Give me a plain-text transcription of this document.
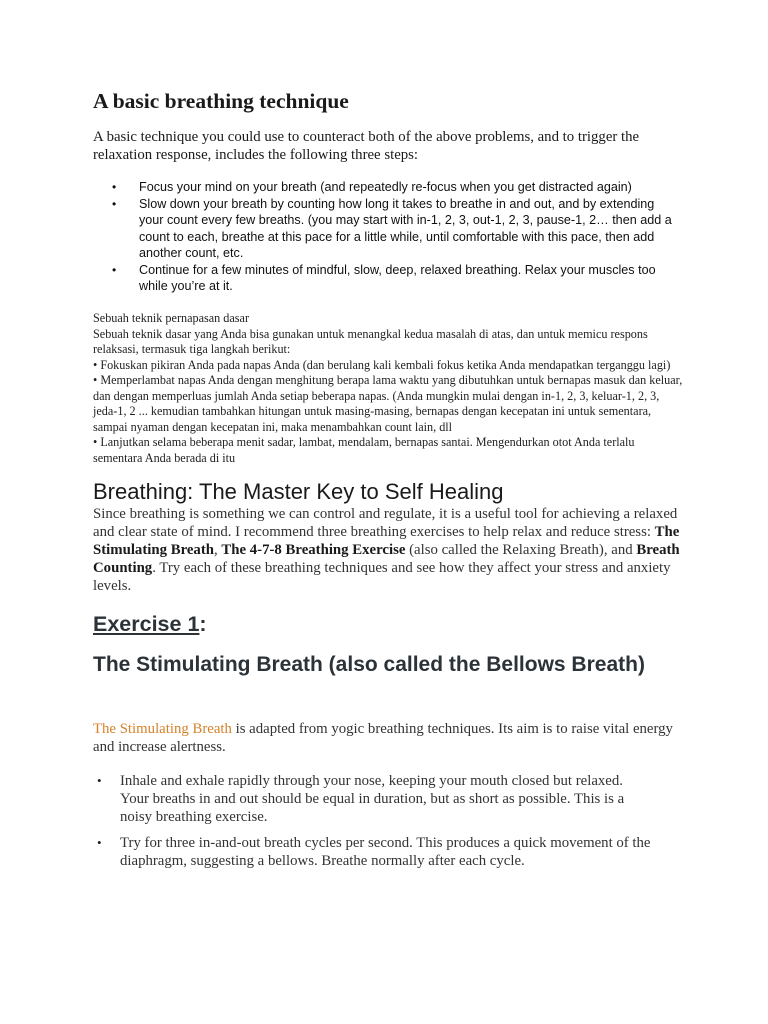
A basic breathing technique
A basic technique you could use to counteract both of the above problems, and to trigger the relaxation response, includes the following three steps:
• Focus your mind on your breath (and repeatedly re-focus when you get distracted again)
• Slow down your breath by counting how long it takes to breathe in and out, and by extending your count every few breaths. (you may start with in-1, 2, 3, out-1, 2, 3, pause-1, 2… then add a count to each, breathe at this pace for a little while, until comfortable with this pace, then add another count, etc.
• Continue for a few minutes of mindful, slow, deep, relaxed breathing. Relax your muscles too while you’re at it.

Sebuah teknik pernapasan dasar

Sebuah teknik dasar yang Anda bisa gunakan untuk menangkal kedua masalah di atas, dan untuk memicu respons relaksasi, termasuk tiga langkah berikut:

• Fokuskan pikiran Anda pada napas Anda (dan berulang kali kembali fokus ketika Anda mendapatkan terganggu lagi)

• Memperlambat napas Anda dengan menghitung berapa lama waktu yang dibutuhkan untuk bernapas masuk dan keluar, dan dengan memperluas jumlah Anda setiap beberapa napas. (Anda mungkin mulai dengan in-1, 2, 3, keluar-1, 2, 3, jeda-1, 2 ... kemudian tambahkan hitungan untuk masing-masing, bernapas dengan kecepatan ini untuk sementara, sampai nyaman dengan kecepatan ini, maka menambahkan count lain, dll

• Lanjutkan selama beberapa menit sadar, lambat, mendalam, bernapas santai. Mengendurkan otot Anda terlalu sementara Anda berada di itu

Breathing: The Master Key to Self Healing
Since breathing is something we can control and regulate, it is a useful tool for achieving a relaxed and clear state of mind. I recommend three breathing exercises to help relax and reduce stress: The Stimulating Breath, The 4-7-8 Breathing Exercise (also called the Relaxing Breath), and Breath Counting. Try each of these breathing techniques and see how they affect your stress and anxiety levels.
Exercise 1:
The Stimulating Breath (also called the Bellows Breath)
The Stimulating Breath is adapted from yogic breathing techniques. Its aim is to raise vital energy and increase alertness.
• Inhale and exhale rapidly through your nose, keeping your mouth closed but relaxed. Your breaths in and out should be equal in duration, but as short as possible. This is a noisy breathing exercise.
• Try for three in-and-out breath cycles per second. This produces a quick movement of the diaphragm, suggesting a bellows. Breathe normally after each cycle.
